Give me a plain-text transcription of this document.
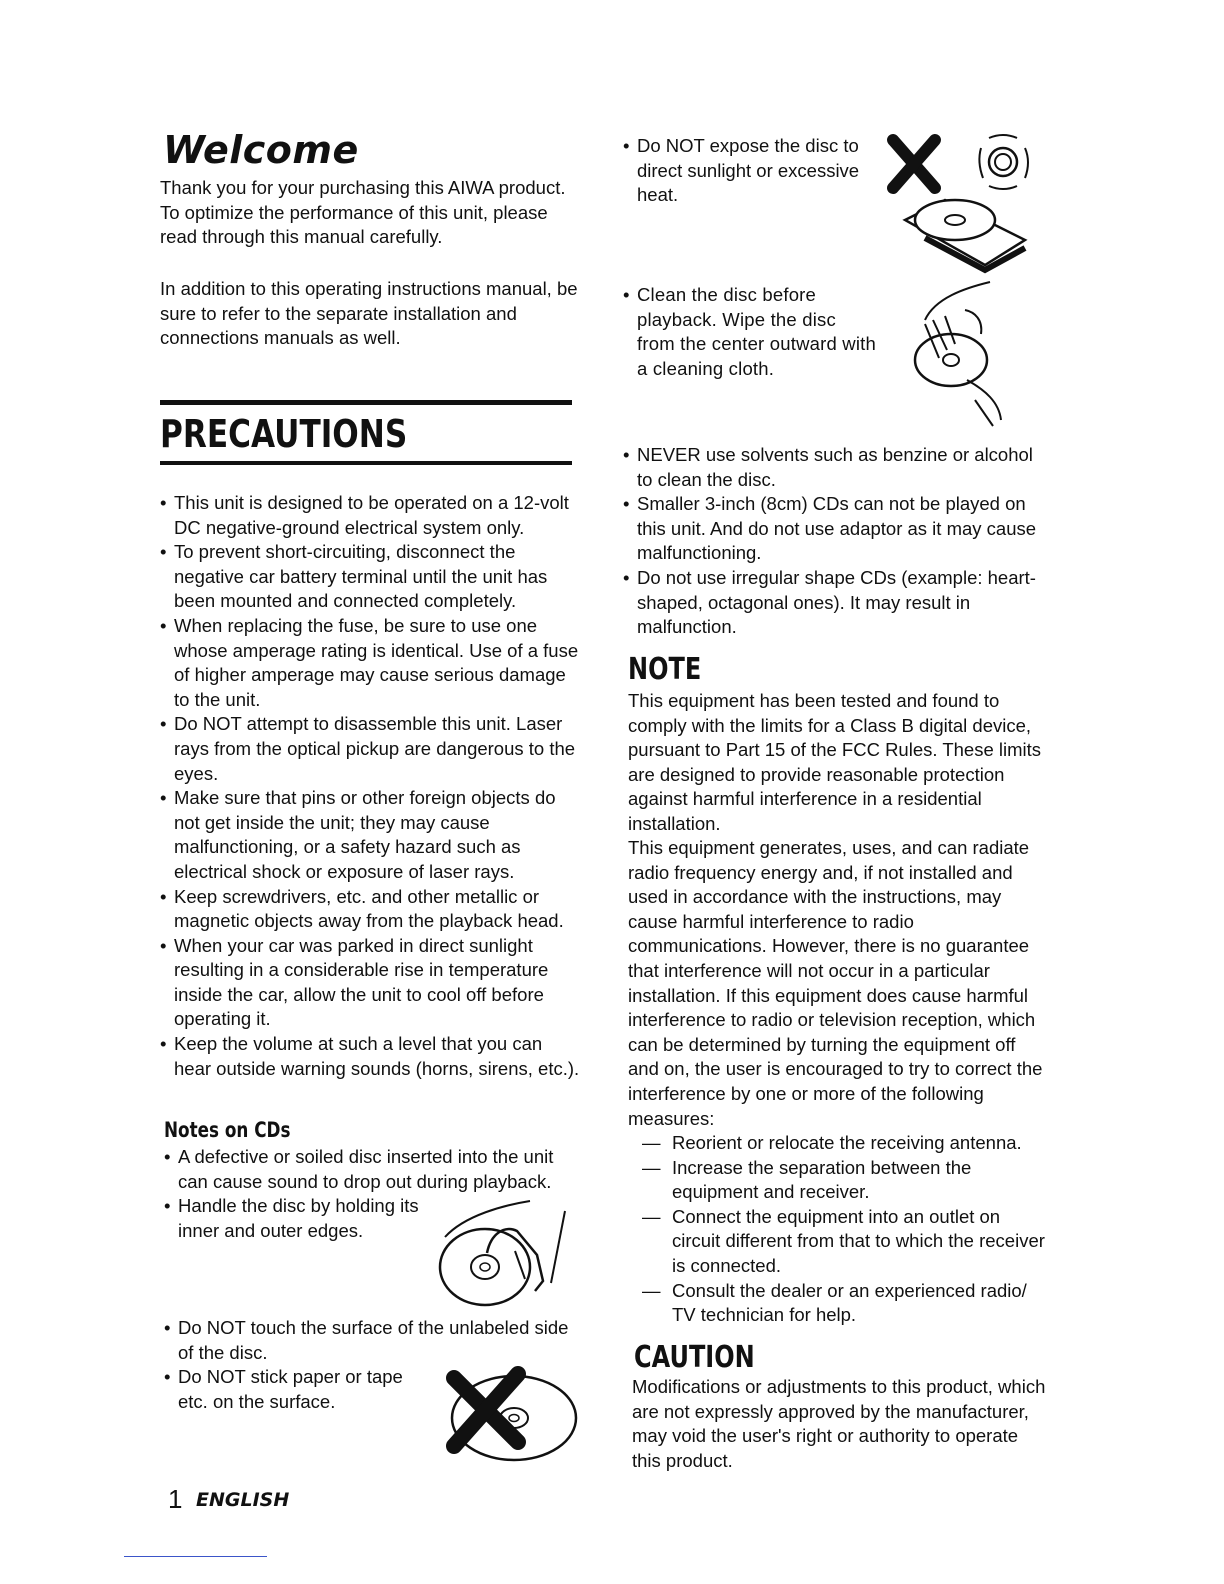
Welcome

Thank you for your purchasing this AIWA product. To optimize the performance of this unit, please read through this manual carefully.

In addition to this operating instructions manual, be sure to refer to the separate installation and connections manuals as well.

PRECAUTIONS
• This unit is designed to be operated on a 12-volt DC negative-ground electrical system only.
• To prevent short-circuiting, disconnect the negative car battery terminal until the unit has been mounted and connected completely.
• When replacing the fuse, be sure to use one whose amperage rating is identical. Use of a fuse of higher amperage may cause serious damage to the unit.
• Do NOT attempt to disassemble this unit. Laser rays from the optical pickup are dangerous to the eyes.
• Make sure that pins or other foreign objects do not get inside the unit; they may cause malfunctioning, or a safety hazard such as electrical shock or exposure of laser rays.
• Keep screwdrivers, etc. and other metallic or magnetic objects away from the playback head.
• When your car was parked in direct sunlight resulting in a considerable rise in temperature inside the car, allow the unit to cool off before operating it.
• Keep the volume at such a level that you can hear outside warning sounds (horns, sirens, etc.).
Notes on CDs
• A defective or soiled disc inserted into the unit can cause sound to drop out during playback.
• Handle the disc by holding its inner and outer edges.
• Do NOT touch the surface of the unlabeled side of the disc.
• Do NOT stick paper or tape etc. on the surface.
• Do NOT expose the disc to direct sunlight or excessive heat.
• Clean the disc before playback. Wipe the disc from the center outward with a cleaning cloth.
• NEVER use solvents such as benzine or alcohol to clean the disc.
• Smaller 3-inch (8cm) CDs can not be played on this unit. And do not use adaptor as it may cause malfunctioning.
• Do not use irregular shape CDs (example: heart-shaped, octagonal ones). It may result in malfunction.
NOTE

This equipment has been tested and found to comply with the limits for a Class B digital device, pursuant to Part 15 of the FCC Rules. These limits are designed to provide reasonable protection against harmful interference in a residential installation.

This equipment generates, uses, and can radiate radio frequency energy and, if not installed and used in accordance with the instructions, may cause harmful interference to radio communications. However, there is no guarantee that interference will not occur in a particular installation. If this equipment does cause harmful interference to radio or television reception, which can be determined by turning the equipment off and on, the user is encouraged to try to correct the interference by one or more of the following measures:

— Reorient or relocate the receiving antenna.
— Increase the separation between the equipment and receiver.
— Connect the equipment into an outlet on circuit different from that to which the receiver is connected.
— Consult the dealer or an experienced radio/ TV technician for help.
CAUTION

Modifications or adjustments to this product, which are not expressly approved by the manufacturer, may void the user's right or authority to operate this product.

1 ENGLISH
